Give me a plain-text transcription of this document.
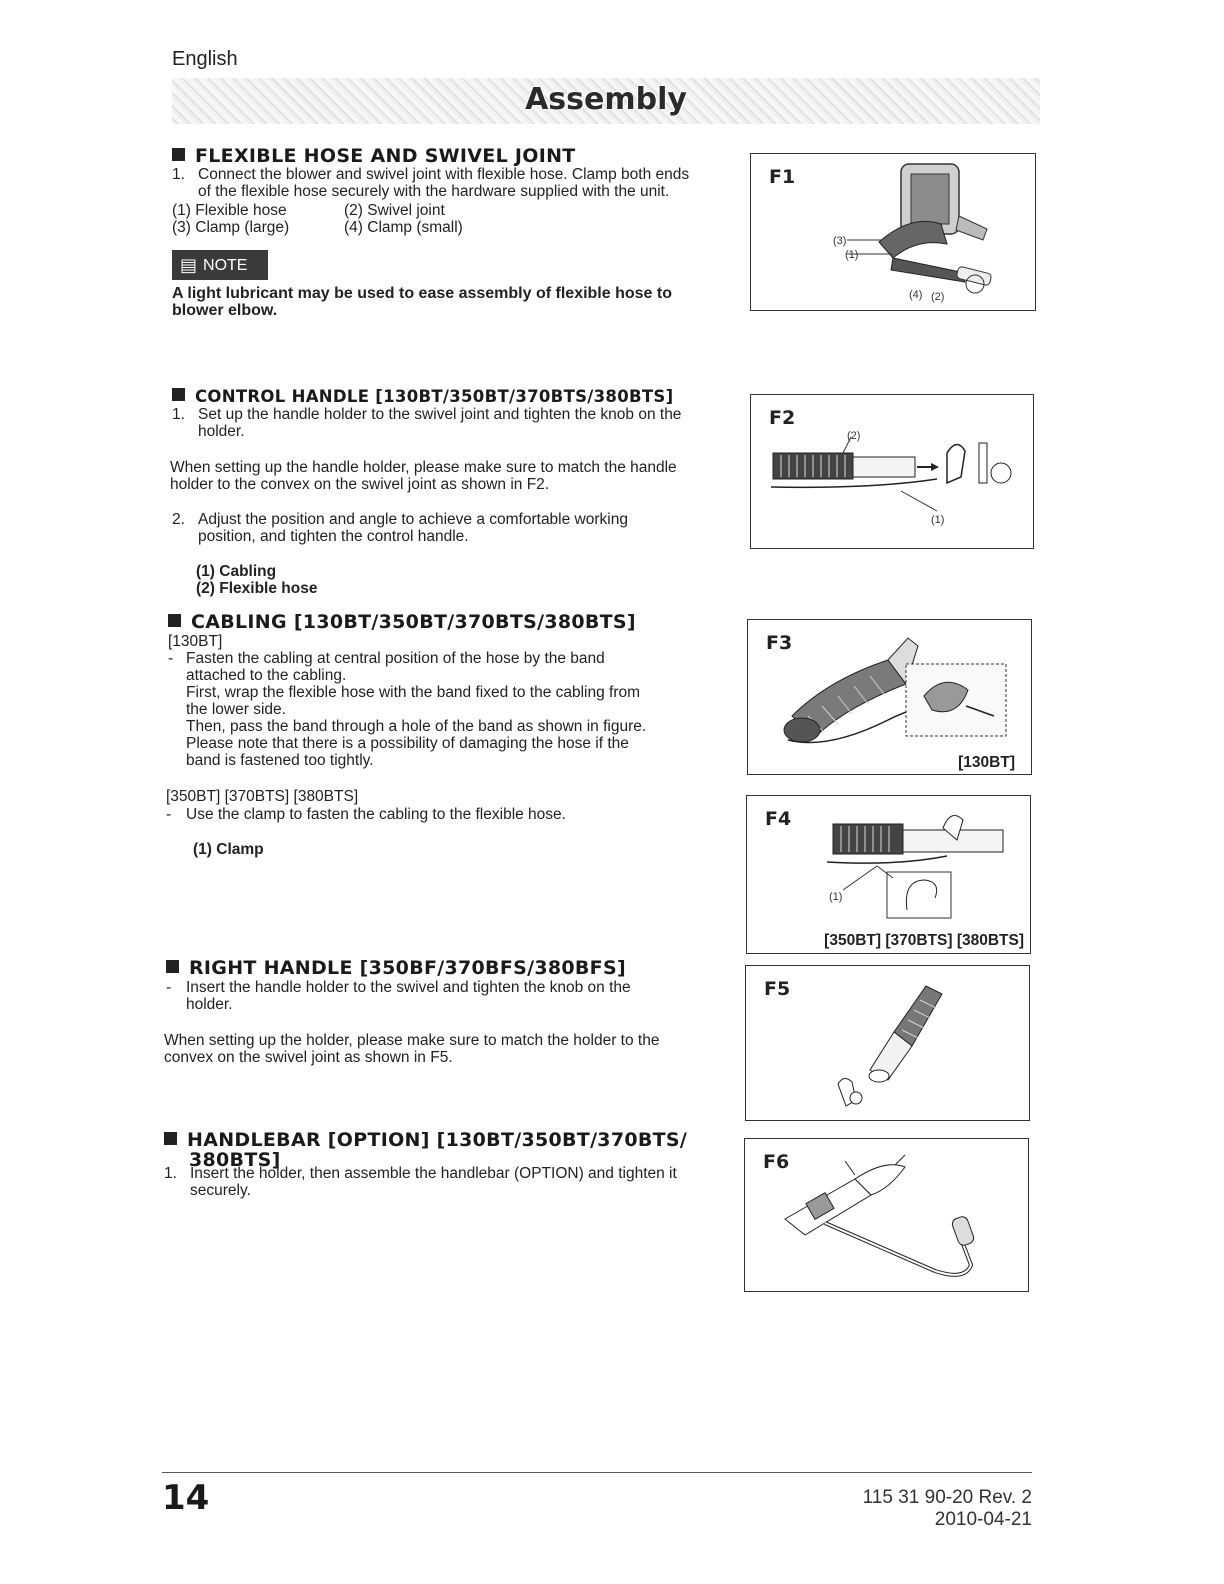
English
Assembly
FLEXIBLE HOSE AND SWIVEL JOINT
1. Connect the blower and swivel joint with flexible hose. Clamp both ends
of the flexible hose securely with the hardware supplied with the unit.
(1) Flexible hose	(2) Swivel joint
(3) Clamp (large)	(4) Clamp (small)
▤ NOTE
A light lubricant may be used to ease assembly of flexible hose to
blower elbow.
CONTROL HANDLE [130BT/350BT/370BTS/380BTS]
1. Set up the handle holder to the swivel joint and tighten the knob on the
holder.
When setting up the handle holder, please make sure to match the handle
holder to the convex on the swivel joint as shown in F2.
2. Adjust the position and angle to achieve a comfortable working
position, and tighten the control handle.
(1) Cabling
(2) Flexible hose
CABLING [130BT/350BT/370BTS/380BTS]
[130BT]
- Fasten the cabling at central position of the hose by the band
attached to the cabling.
First, wrap the flexible hose with the band fixed to the cabling from
the lower side.
Then, pass the band through a hole of the band as shown in figure.
Please note that there is a possibility of damaging the hose if the
band is fastened too tightly.
[350BT] [370BTS] [380BTS]
- Use the clamp to fasten the cabling to the flexible hose.
(1) Clamp
RIGHT HANDLE [350BF/370BFS/380BFS]
- Insert the handle holder to the swivel and tighten the knob on the
holder.
When setting up the holder, please make sure to match the holder to the
convex on the swivel joint as shown in F5.
HANDLEBAR [OPTION] [130BT/350BT/370BTS/
380BTS]
1. Insert the holder, then assemble the handlebar (OPTION) and tighten it
securely.
F1
(3)
(1)
(4) (2)
F2
(2)
(1)
F3
[130BT]
F4
(1)
[350BT] [370BTS] [380BTS]
F5
F6
14	115 31 90-20 Rev. 2 2010-04-21
